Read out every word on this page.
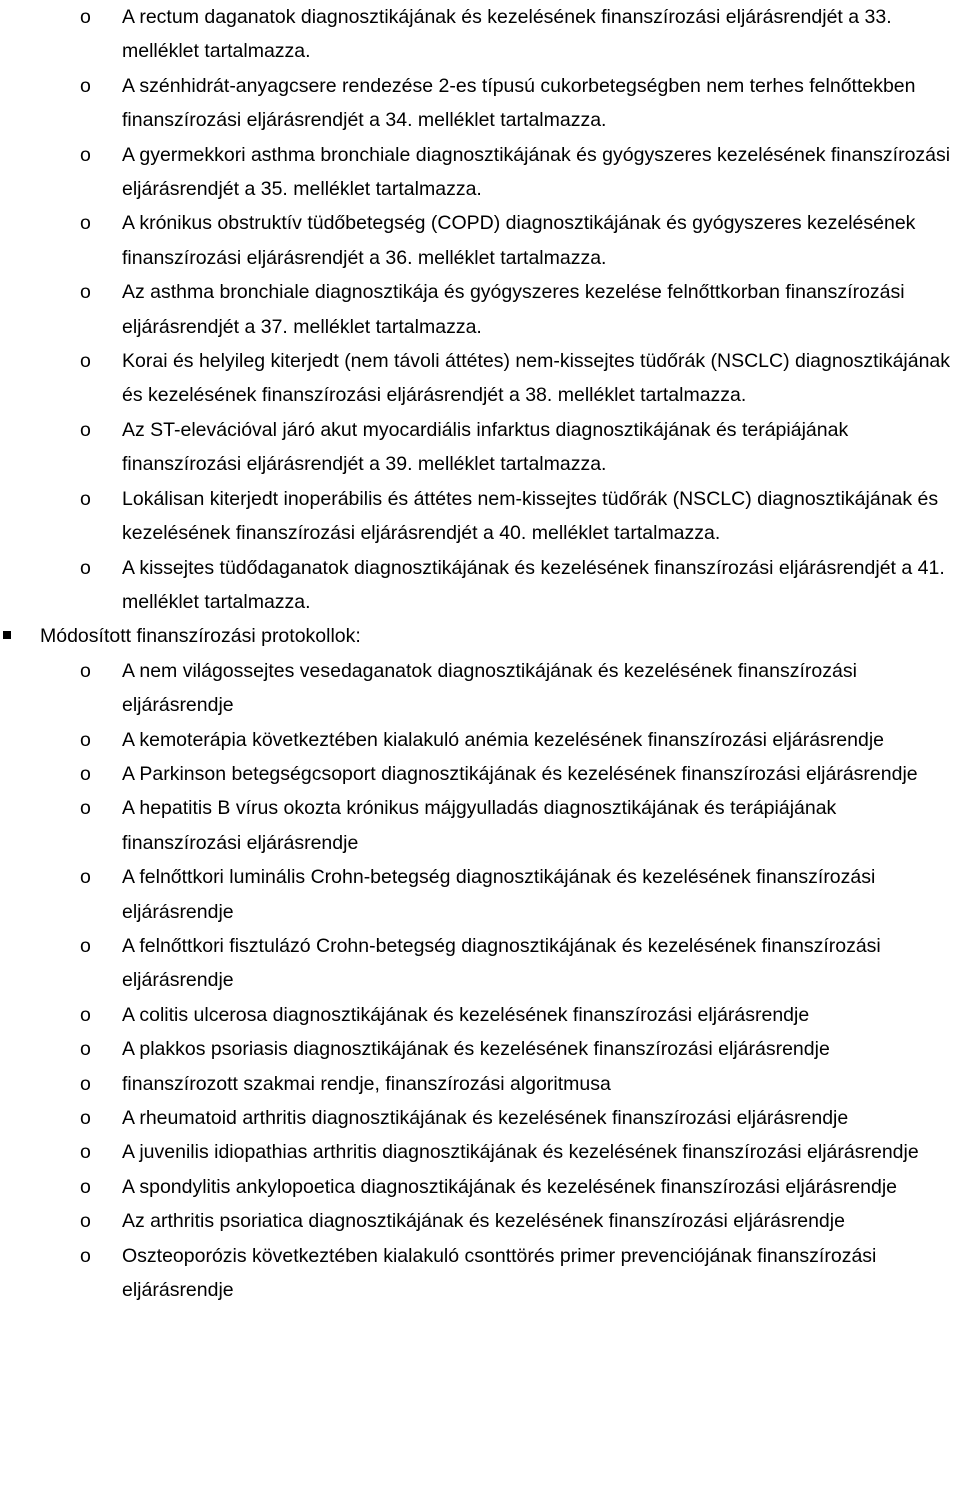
o	A rectum daganatok diagnosztikájának és kezelésének finanszírozási eljárásrendjét a 33. melléklet tartalmazza.
o	A szénhidrát-anyagcsere rendezése 2-es típusú cukorbetegségben nem terhes felnőttekben finanszírozási eljárásrendjét a 34. melléklet tartalmazza.
o	A gyermekkori asthma bronchiale diagnosztikájának és gyógyszeres kezelésének finanszírozási eljárásrendjét a 35. melléklet tartalmazza.
o	A krónikus obstruktív tüdőbetegség (COPD) diagnosztikájának és gyógyszeres kezelésének finanszírozási eljárásrendjét a 36. melléklet tartalmazza.
o	Az asthma bronchiale diagnosztikája és gyógyszeres kezelése felnőttkorban finanszírozási eljárásrendjét a 37. melléklet tartalmazza.
o	Korai és helyileg kiterjedt (nem távoli áttétes) nem-kissejtes tüdőrák (NSCLC) diagnosztikájának és kezelésének finanszírozási eljárásrendjét a 38. melléklet tartalmazza.
o	Az ST-elevációval járó akut myocardiális infarktus diagnosztikájának és terápiájának finanszírozási eljárásrendjét a 39. melléklet tartalmazza.
o	Lokálisan kiterjedt inoperábilis és áttétes nem-kissejtes tüdőrák (NSCLC) diagnosztikájának és kezelésének finanszírozási eljárásrendjét a 40. melléklet tartalmazza.
o	A kissejtes tüdődaganatok diagnosztikájának és kezelésének finanszírozási eljárásrendjét a 41. melléklet tartalmazza.
Módosított finanszírozási protokollok:
o	A nem világossejtes vesedaganatok diagnosztikájának és kezelésének finanszírozási eljárásrendje
o	A kemoterápia következtében kialakuló anémia kezelésének finanszírozási eljárásrendje
o	A Parkinson betegségcsoport diagnosztikájának és kezelésének finanszírozási eljárásrendje
o	A hepatitis B vírus okozta krónikus májgyulladás diagnosztikájának és terápiájának finanszírozási eljárásrendje
o	A felnőttkori luminális Crohn-betegség diagnosztikájának és kezelésének finanszírozási eljárásrendje
o	A felnőttkori fisztulázó Crohn-betegség diagnosztikájának és kezelésének finanszírozási eljárásrendje
o	A colitis ulcerosa diagnosztikájának és kezelésének finanszírozási eljárásrendje
o	A plakkos psoriasis diagnosztikájának és kezelésének finanszírozási eljárásrendje
o	finanszírozott szakmai rendje, finanszírozási algoritmusa
o	A rheumatoid arthritis diagnosztikájának és kezelésének finanszírozási eljárásrendje
o	A juvenilis idiopathias arthritis diagnosztikájának és kezelésének finanszírozási eljárásrendje
o	A spondylitis ankylopoetica diagnosztikájának és kezelésének finanszírozási eljárásrendje
o	Az arthritis psoriatica diagnosztikájának és kezelésének finanszírozási eljárásrendje
o	Oszteoporózis következtében kialakuló csonttörés primer prevenciójának finanszírozási eljárásrendje
